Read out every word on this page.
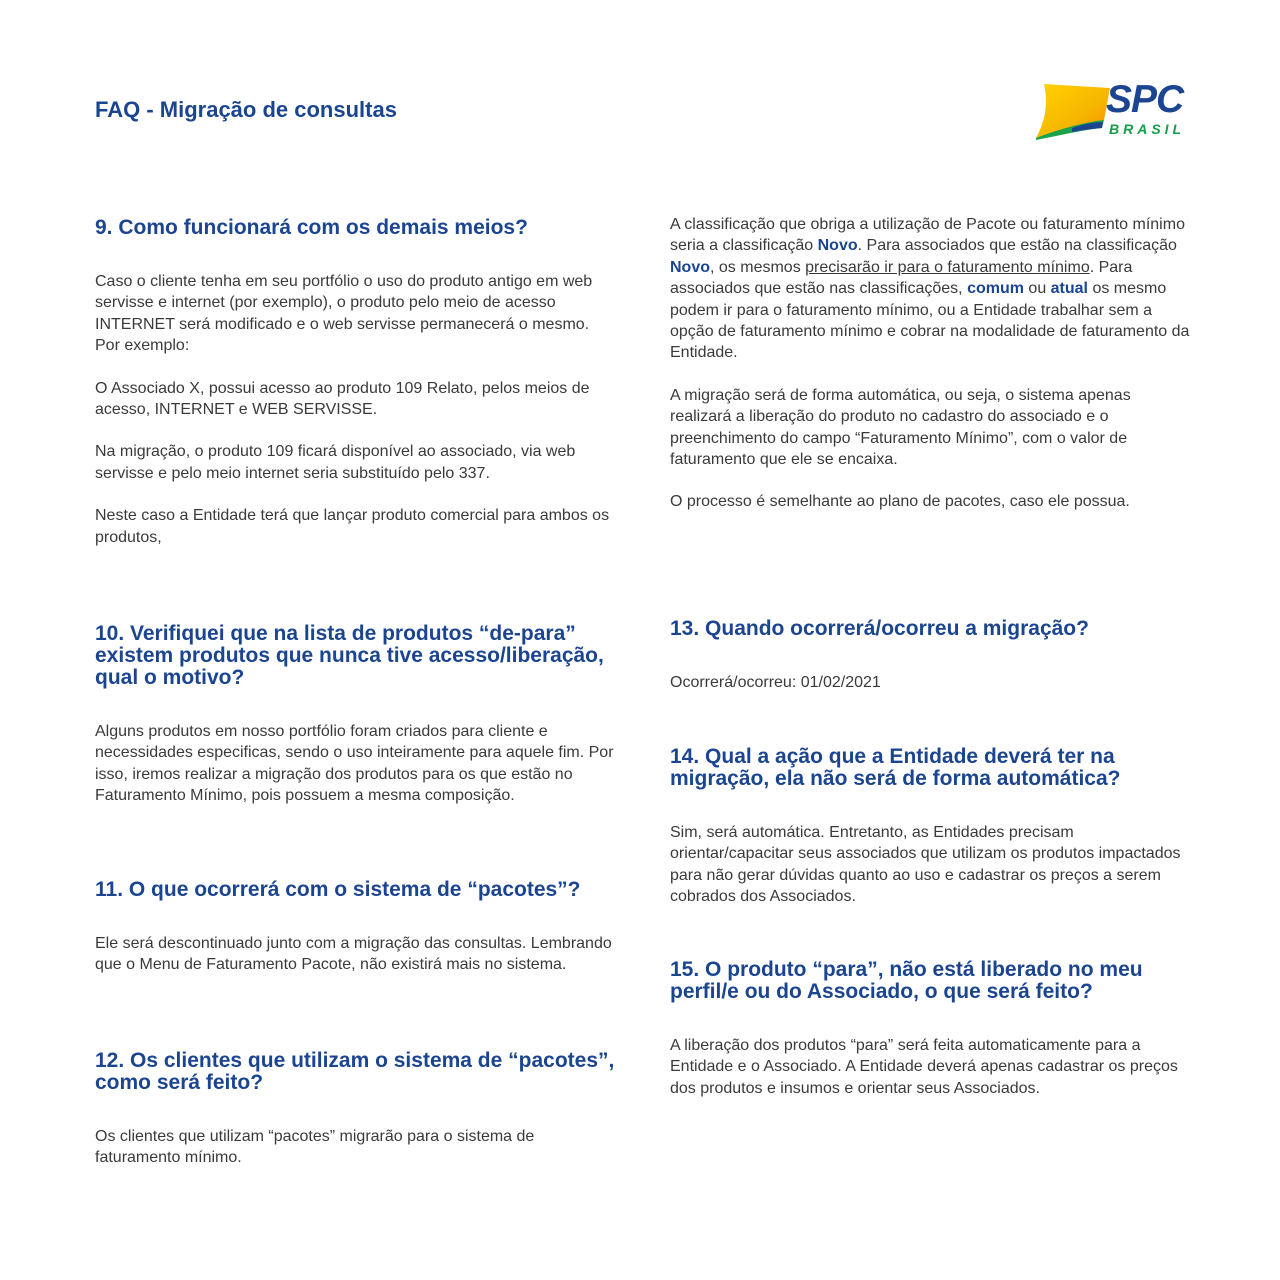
FAQ - Migração de consultas	SPC
BRASIL
9. Como funcionará com os demais meios?

Caso o cliente tenha em seu portfólio o uso do produto antigo em web servisse e internet (por exemplo), o produto pelo meio de acesso INTERNET será modificado e o web servisse permanecerá o mesmo. Por exemplo:

O Associado X, possui acesso ao produto 109 Relato, pelos meios de acesso, INTERNET e WEB SERVISSE.

Na migração, o produto 109 ficará disponível ao associado, via web servisse e pelo meio internet seria substituído pelo 337.

Neste caso a Entidade terá que lançar produto comercial para ambos os produtos,

10. Verifiquei que na lista de produtos “de-para” existem produtos que nunca tive acesso/liberação, qual o motivo?

Alguns produtos em nosso portfólio foram criados para cliente e necessidades especificas, sendo o uso inteiramente para aquele fim. Por isso, iremos realizar a migração dos produtos para os que estão no Faturamento Mínimo, pois possuem a mesma composição.

11. O que ocorrerá com o sistema de “pacotes”?

Ele será descontinuado junto com a migração das consultas. Lembrando que o Menu de Faturamento Pacote, não existirá mais no sistema.

12. Os clientes que utilizam o sistema de “pacotes”, como será feito?

Os clientes que utilizam “pacotes” migrarão para o sistema de faturamento mínimo.

A classificação que obriga a utilização de Pacote ou faturamento mínimo seria a classificação Novo. Para associados que estão na classificação Novo, os mesmos precisarão ir para o faturamento mínimo. Para associados que estão nas classificações, comum ou atual os mesmo podem ir para o faturamento mínimo, ou a Entidade trabalhar sem a opção de faturamento mínimo e cobrar na modalidade de faturamento da Entidade.

A migração será de forma automática, ou seja, o sistema apenas realizará a liberação do produto no cadastro do associado e o preenchimento do campo “Faturamento Mínimo”, com o valor de faturamento que ele se encaixa.

O processo é semelhante ao plano de pacotes, caso ele possua.

13. Quando ocorrerá/ocorreu a migração?

Ocorrerá/ocorreu: 01/02/2021

14. Qual a ação que a Entidade deverá ter na migração, ela não será de forma automática?

Sim, será automática. Entretanto, as Entidades precisam orientar/capacitar seus associados que utilizam os produtos impactados para não gerar dúvidas quanto ao uso e cadastrar os preços a serem cobrados dos Associados.

15. O produto “para”, não está liberado no meu perfil/e ou do Associado, o que será feito?

A liberação dos produtos “para” será feita automaticamente para a Entidade e o Associado. A Entidade deverá apenas cadastrar os preços dos produtos e insumos e orientar seus Associados.
